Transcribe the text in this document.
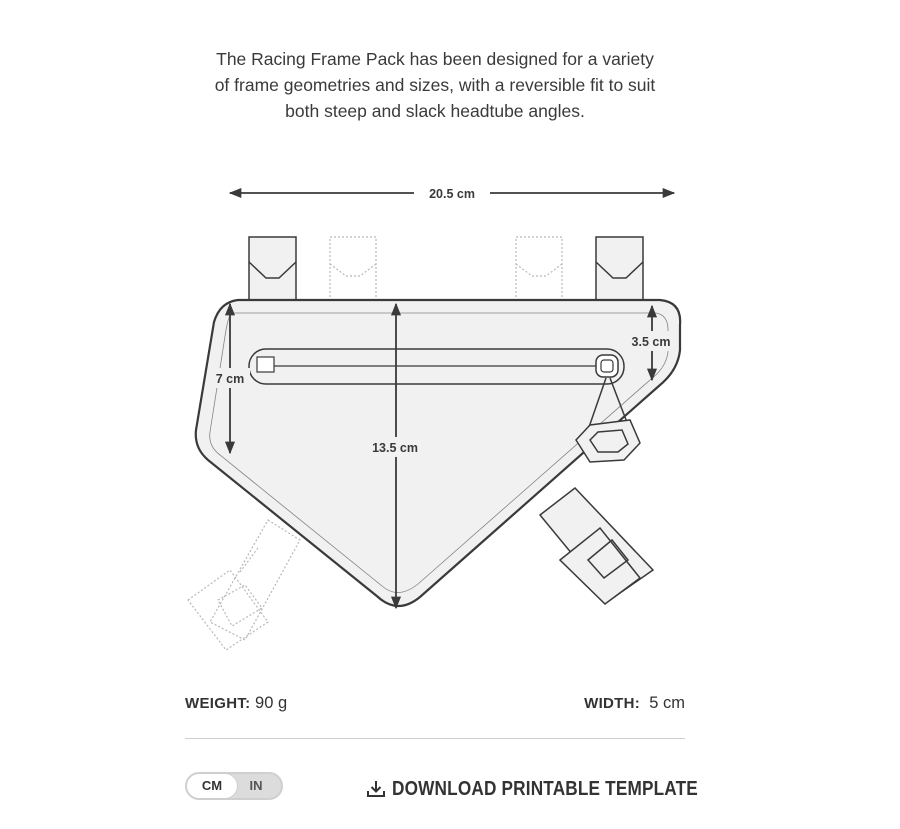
The Racing Frame Pack has been designed for a variety
of frame geometries and sizes, with a reversible fit to suit
both steep and slack headtube angles.

20.5 cm
7 cm
13.5 cm
3.5 cm
WEIGHT: 90 g	WIDTH: 5 cm
CM	IN	DOWNLOAD PRINTABLE TEMPLATE
